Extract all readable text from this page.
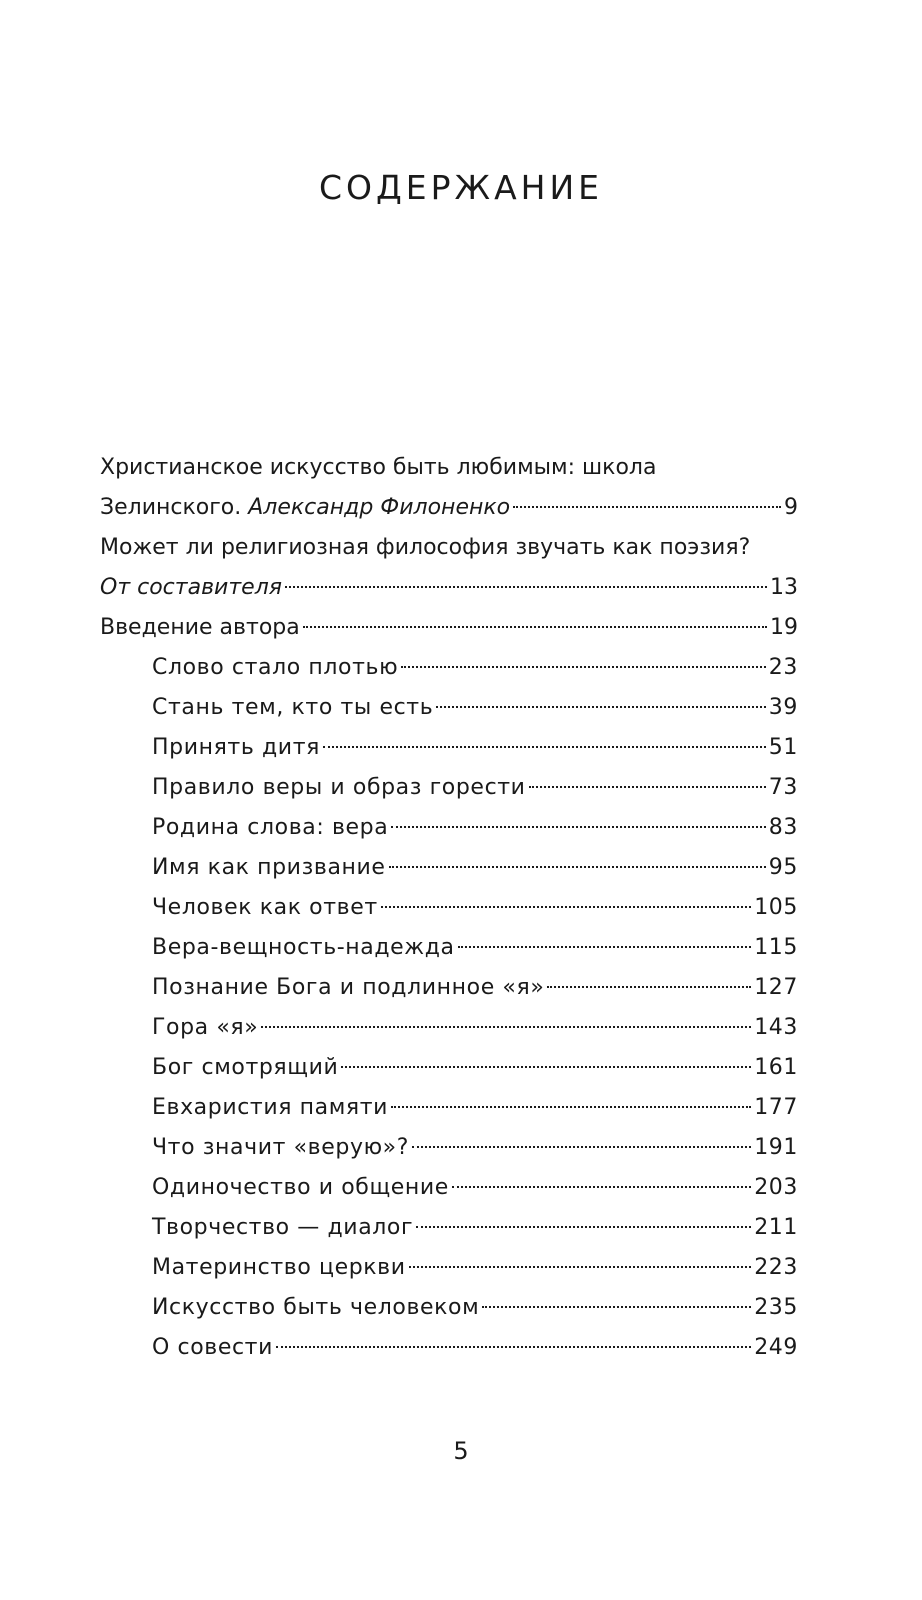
СОДЕРЖАНИЕ
Христианское искусство быть любимым: школа
Зелинского. Александр Филоненко	9
Может ли религиозная философия звучать как поэзия?
От составителя	13
Введение автора	19
Слово стало плотью	23
Стань тем, кто ты есть	39
Принять дитя	51
Правило веры и образ горести	73
Родина слова: вера	83
Имя как призвание	95
Человек как ответ	105
Вера-вещность-надежда	115
Познание Бога и подлинное «я»	127
Гора «я»	143
Бог смотрящий	161
Евхаристия памяти	177
Что значит «верую»?	191
Одиночество и общение	203
Творчество — диалог	211
Материнство церкви	223
Искусство быть человеком	235
О совести	249
5
